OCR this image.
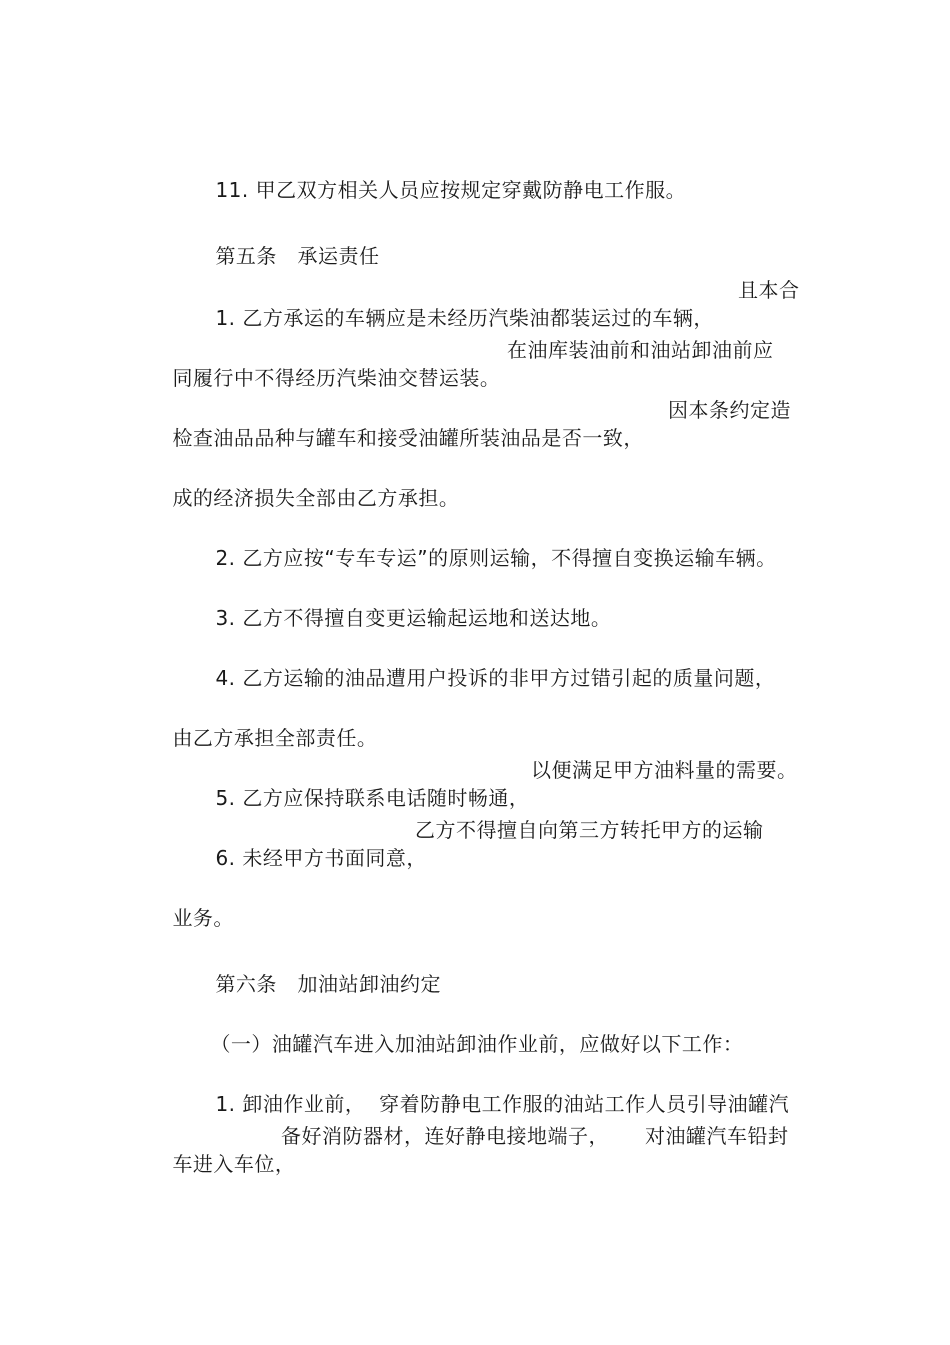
11. 甲乙双方相关人员应按规定穿戴防静电工作服。

第五条   承运责任

1. 乙方承运的车辆应是未经历汽柴油都装运过的车辆，

且本合

同履行中不得经历汽柴油交替运装。

在油库装油前和油站卸油前应

检查油品品种与罐车和接受油罐所装油品是否一致，

因本条约定造

成的经济损失全部由乙方承担。

2. 乙方应按“专车专运”的原则运输，不得擅自变换运输车辆。

3. 乙方不得擅自变更运输起运地和送达地。

4. 乙方运输的油品遭用户投诉的非甲方过错引起的质量问题，

由乙方承担全部责任。

5. 乙方应保持联系电话随时畅通，

以便满足甲方油料量的需要。

6. 未经甲方书面同意，

乙方不得擅自向第三方转托甲方的运输

业务。

第六条   加油站卸油约定

（一）油罐汽车进入加油站卸油作业前，应做好以下工作：

1. 卸油作业前，  穿着防静电工作服的油站工作人员引导油罐汽

车进入车位，

备好消防器材，连好静电接地端子，

对油罐汽车铅封
